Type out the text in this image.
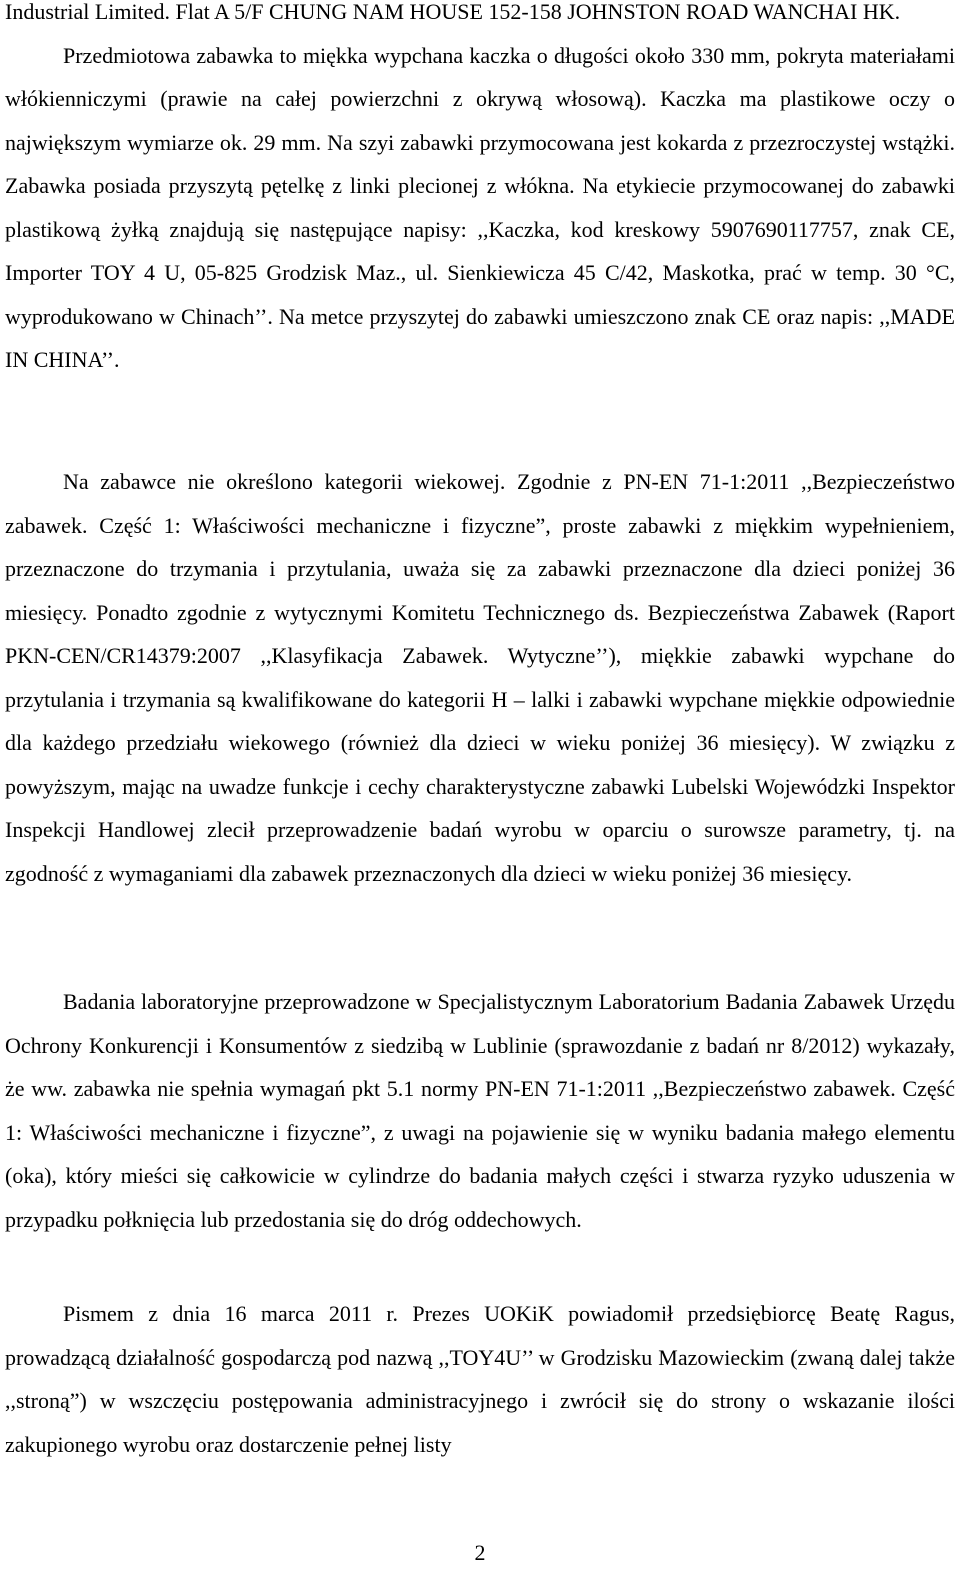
Industrial Limited. Flat A 5/F CHUNG NAM HOUSE 152-158 JOHNSTON ROAD WANCHAI HK.
Przedmiotowa zabawka to miękka wypchana kaczka o długości około 330 mm, pokryta materiałami włókienniczymi (prawie na całej powierzchni z okrywą włosową). Kaczka ma plastikowe oczy o największym wymiarze ok. 29 mm. Na szyi zabawki przymocowana jest kokarda z przezroczystej wstążki. Zabawka posiada przyszytą pętelkę z linki plecionej z włókna. Na etykiecie przymocowanej do zabawki plastikową żyłką znajdują się następujące napisy: ,,Kaczka, kod kreskowy 5907690117757, znak CE, Importer TOY 4 U, 05-825 Grodzisk Maz., ul. Sienkiewicza 45 C/42, Maskotka, prać w temp. 30 °C, wyprodukowano w Chinach’’. Na metce przyszytej do zabawki umieszczono znak CE oraz napis: ,,MADE IN CHINA’’.

Na zabawce nie określono kategorii wiekowej. Zgodnie z PN-EN 71-1:2011 ,,Bezpieczeństwo zabawek. Część 1: Właściwości mechaniczne i fizyczne”, proste zabawki z miękkim wypełnieniem, przeznaczone do trzymania i przytulania, uważa się za zabawki przeznaczone dla dzieci poniżej 36 miesięcy. Ponadto zgodnie z wytycznymi Komitetu Technicznego ds. Bezpieczeństwa Zabawek (Raport PKN-CEN/CR14379:2007 ,,Klasyfikacja Zabawek. Wytyczne’’), miękkie zabawki wypchane do przytulania i trzymania są kwalifikowane do kategorii H – lalki i zabawki wypchane miękkie odpowiednie dla każdego przedziału wiekowego (również dla dzieci w wieku poniżej 36 miesięcy). W związku z powyższym, mając na uwadze funkcje i cechy charakterystyczne zabawki Lubelski Wojewódzki Inspektor Inspekcji Handlowej zlecił przeprowadzenie badań wyrobu w oparciu o surowsze parametry, tj. na zgodność z wymaganiami dla zabawek przeznaczonych dla dzieci w wieku poniżej 36 miesięcy.

Badania laboratoryjne przeprowadzone w Specjalistycznym Laboratorium Badania Zabawek Urzędu Ochrony Konkurencji i Konsumentów z siedzibą w Lublinie (sprawozdanie z badań nr 8/2012) wykazały, że ww. zabawka nie spełnia wymagań pkt 5.1 normy PN-EN 71-1:2011 ,,Bezpieczeństwo zabawek. Część 1: Właściwości mechaniczne i fizyczne”, z uwagi na pojawienie się w wyniku badania małego elementu (oka), który mieści się całkowicie w cylindrze do badania małych części i stwarza ryzyko uduszenia w przypadku połknięcia lub przedostania się do dróg oddechowych.

Pismem z dnia 16 marca 2011 r. Prezes UOKiK powiadomił przedsiębiorcę Beatę Ragus, prowadzącą działalność gospodarczą pod nazwą ,,TOY4U’’ w Grodzisku Mazowieckim (zwaną dalej także ,,stroną”) w wszczęciu postępowania administracyjnego i zwrócił się do strony o wskazanie ilości zakupionego wyrobu oraz dostarczenie pełnej listy

2
